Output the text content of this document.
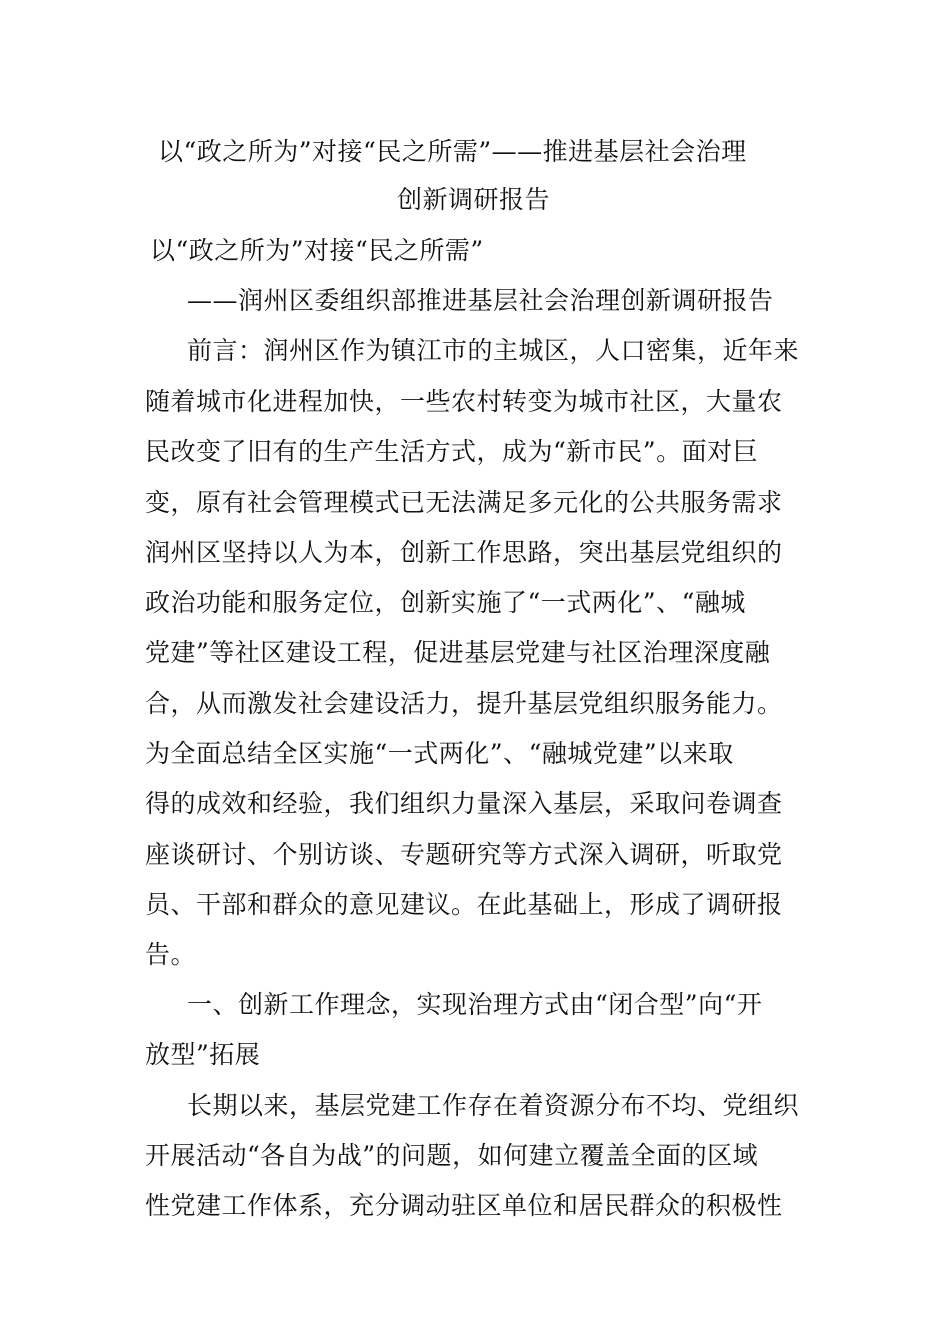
以“政之所为”对接“民之所需”——推进基层社会治理
创新调研报告
以“政之所为”对接“民之所需”
——润州区委组织部推进基层社会治理创新调研报告
前言：润州区作为镇江市的主城区，人口密集，近年来
随着城市化进程加快，一些农村转变为城市社区，大量农
民改变了旧有的生产生活方式，成为“新市民”。面对巨
变，原有社会管理模式已无法满足多元化的公共服务需求
润州区坚持以人为本，创新工作思路，突出基层党组织的
政治功能和服务定位，创新实施了“一式两化”、“融城
党建”等社区建设工程，促进基层党建与社区治理深度融
合，从而激发社会建设活力，提升基层党组织服务能力。
为全面总结全区实施“一式两化”、“融城党建”以来取
得的成效和经验，我们组织力量深入基层，采取问卷调查
座谈研讨、个别访谈、专题研究等方式深入调研，听取党
员、干部和群众的意见建议。在此基础上，形成了调研报
告。
一、创新工作理念，实现治理方式由“闭合型”向“开
放型”拓展
长期以来，基层党建工作存在着资源分布不均、党组织
开展活动“各自为战”的问题，如何建立覆盖全面的区域
性党建工作体系，充分调动驻区单位和居民群众的积极性
